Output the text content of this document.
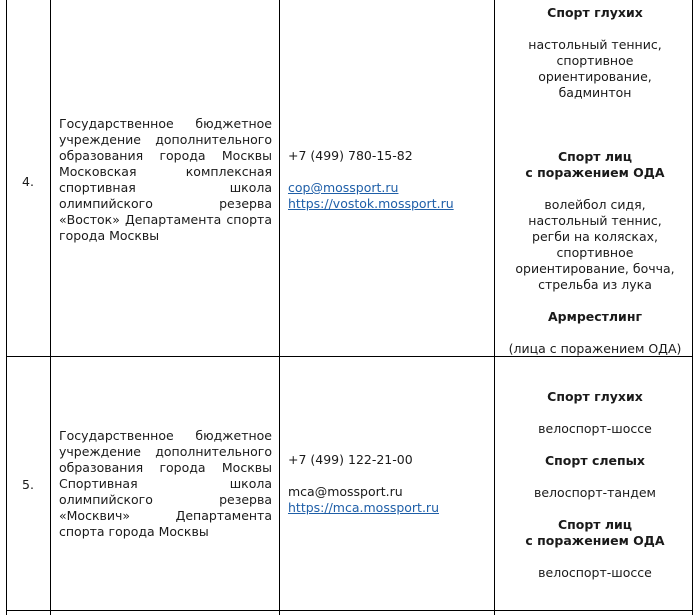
4.
Государственное бюджетное учреждение дополнительного образования города Москвы Московская комплексная спортивная школа олимпийского резерва «Восток» Департамента спорта города Москвы
+7 (499) 780-15-82
cop@mossport.ru
https://vostok.mossport.ru
Спорт глухих
настольный теннис,
спортивное
ориентирование,
бадминтон
Спорт лиц
с поражением ОДА
волейбол сидя,
настольный теннис,
регби на колясках,
спортивное
ориентирование, бочча,
стрельба из лука
Армрестлинг
(лица с поражением ОДА)
5.
Государственное бюджетное учреждение дополнительного образования города Москвы Спортивная школа олимпийского резерва «Москвич» Департамента спорта города Москвы
+7 (499) 122-21-00
mca@mossport.ru
https://mca.mossport.ru
Спорт глухих
велоспорт-шоссе
Спорт слепых
велоспорт-тандем
Спорт лиц
с поражением ОДА
велоспорт-шоссе
